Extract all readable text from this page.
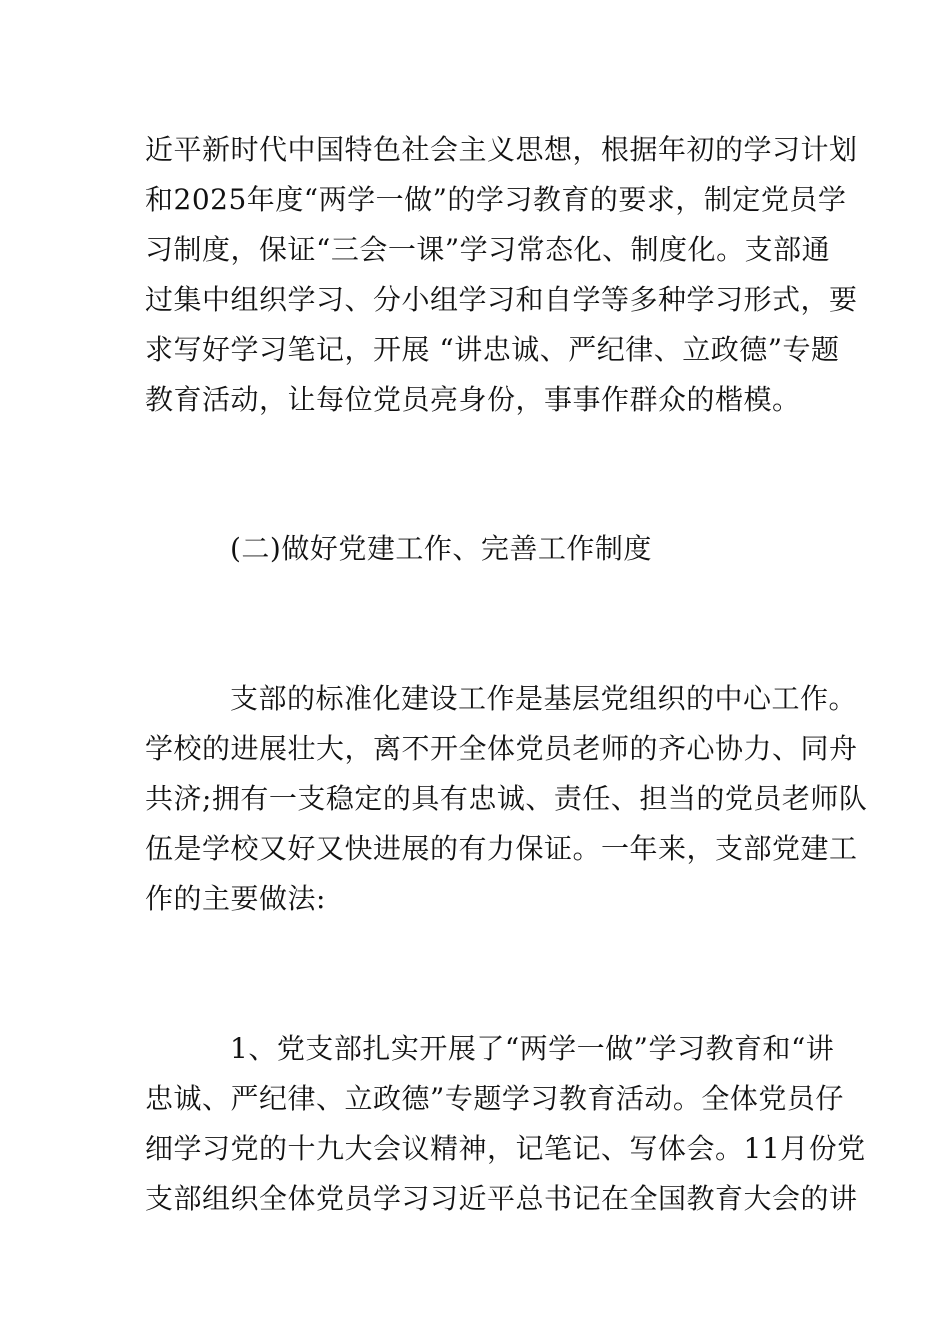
近平新时代中国特色社会主义思想，根据年初的学习计划
和2025年度“两学一做”的学习教育的要求，制定党员学
习制度，保证“三会一课”学习常态化、制度化。支部通
过集中组织学习、分小组学习和自学等多种学习形式，要
求写好学习笔记，开展 “讲忠诚、严纪律、立政德”专题
教育活动，让每位党员亮身份，事事作群众的楷模。
(二)做好党建工作、完善工作制度
支部的标准化建设工作是基层党组织的中心工作。
学校的进展壮大，离不开全体党员老师的齐心协力、同舟
共济;拥有一支稳定的具有忠诚、责任、担当的党员老师队
伍是学校又好又快进展的有力保证。一年来，支部党建工
作的主要做法:
1、党支部扎实开展了“两学一做”学习教育和“讲
忠诚、严纪律、立政德”专题学习教育活动。全体党员仔
细学习党的十九大会议精神，记笔记、写体会。11月份党
支部组织全体党员学习习近平总书记在全国教育大会的讲
